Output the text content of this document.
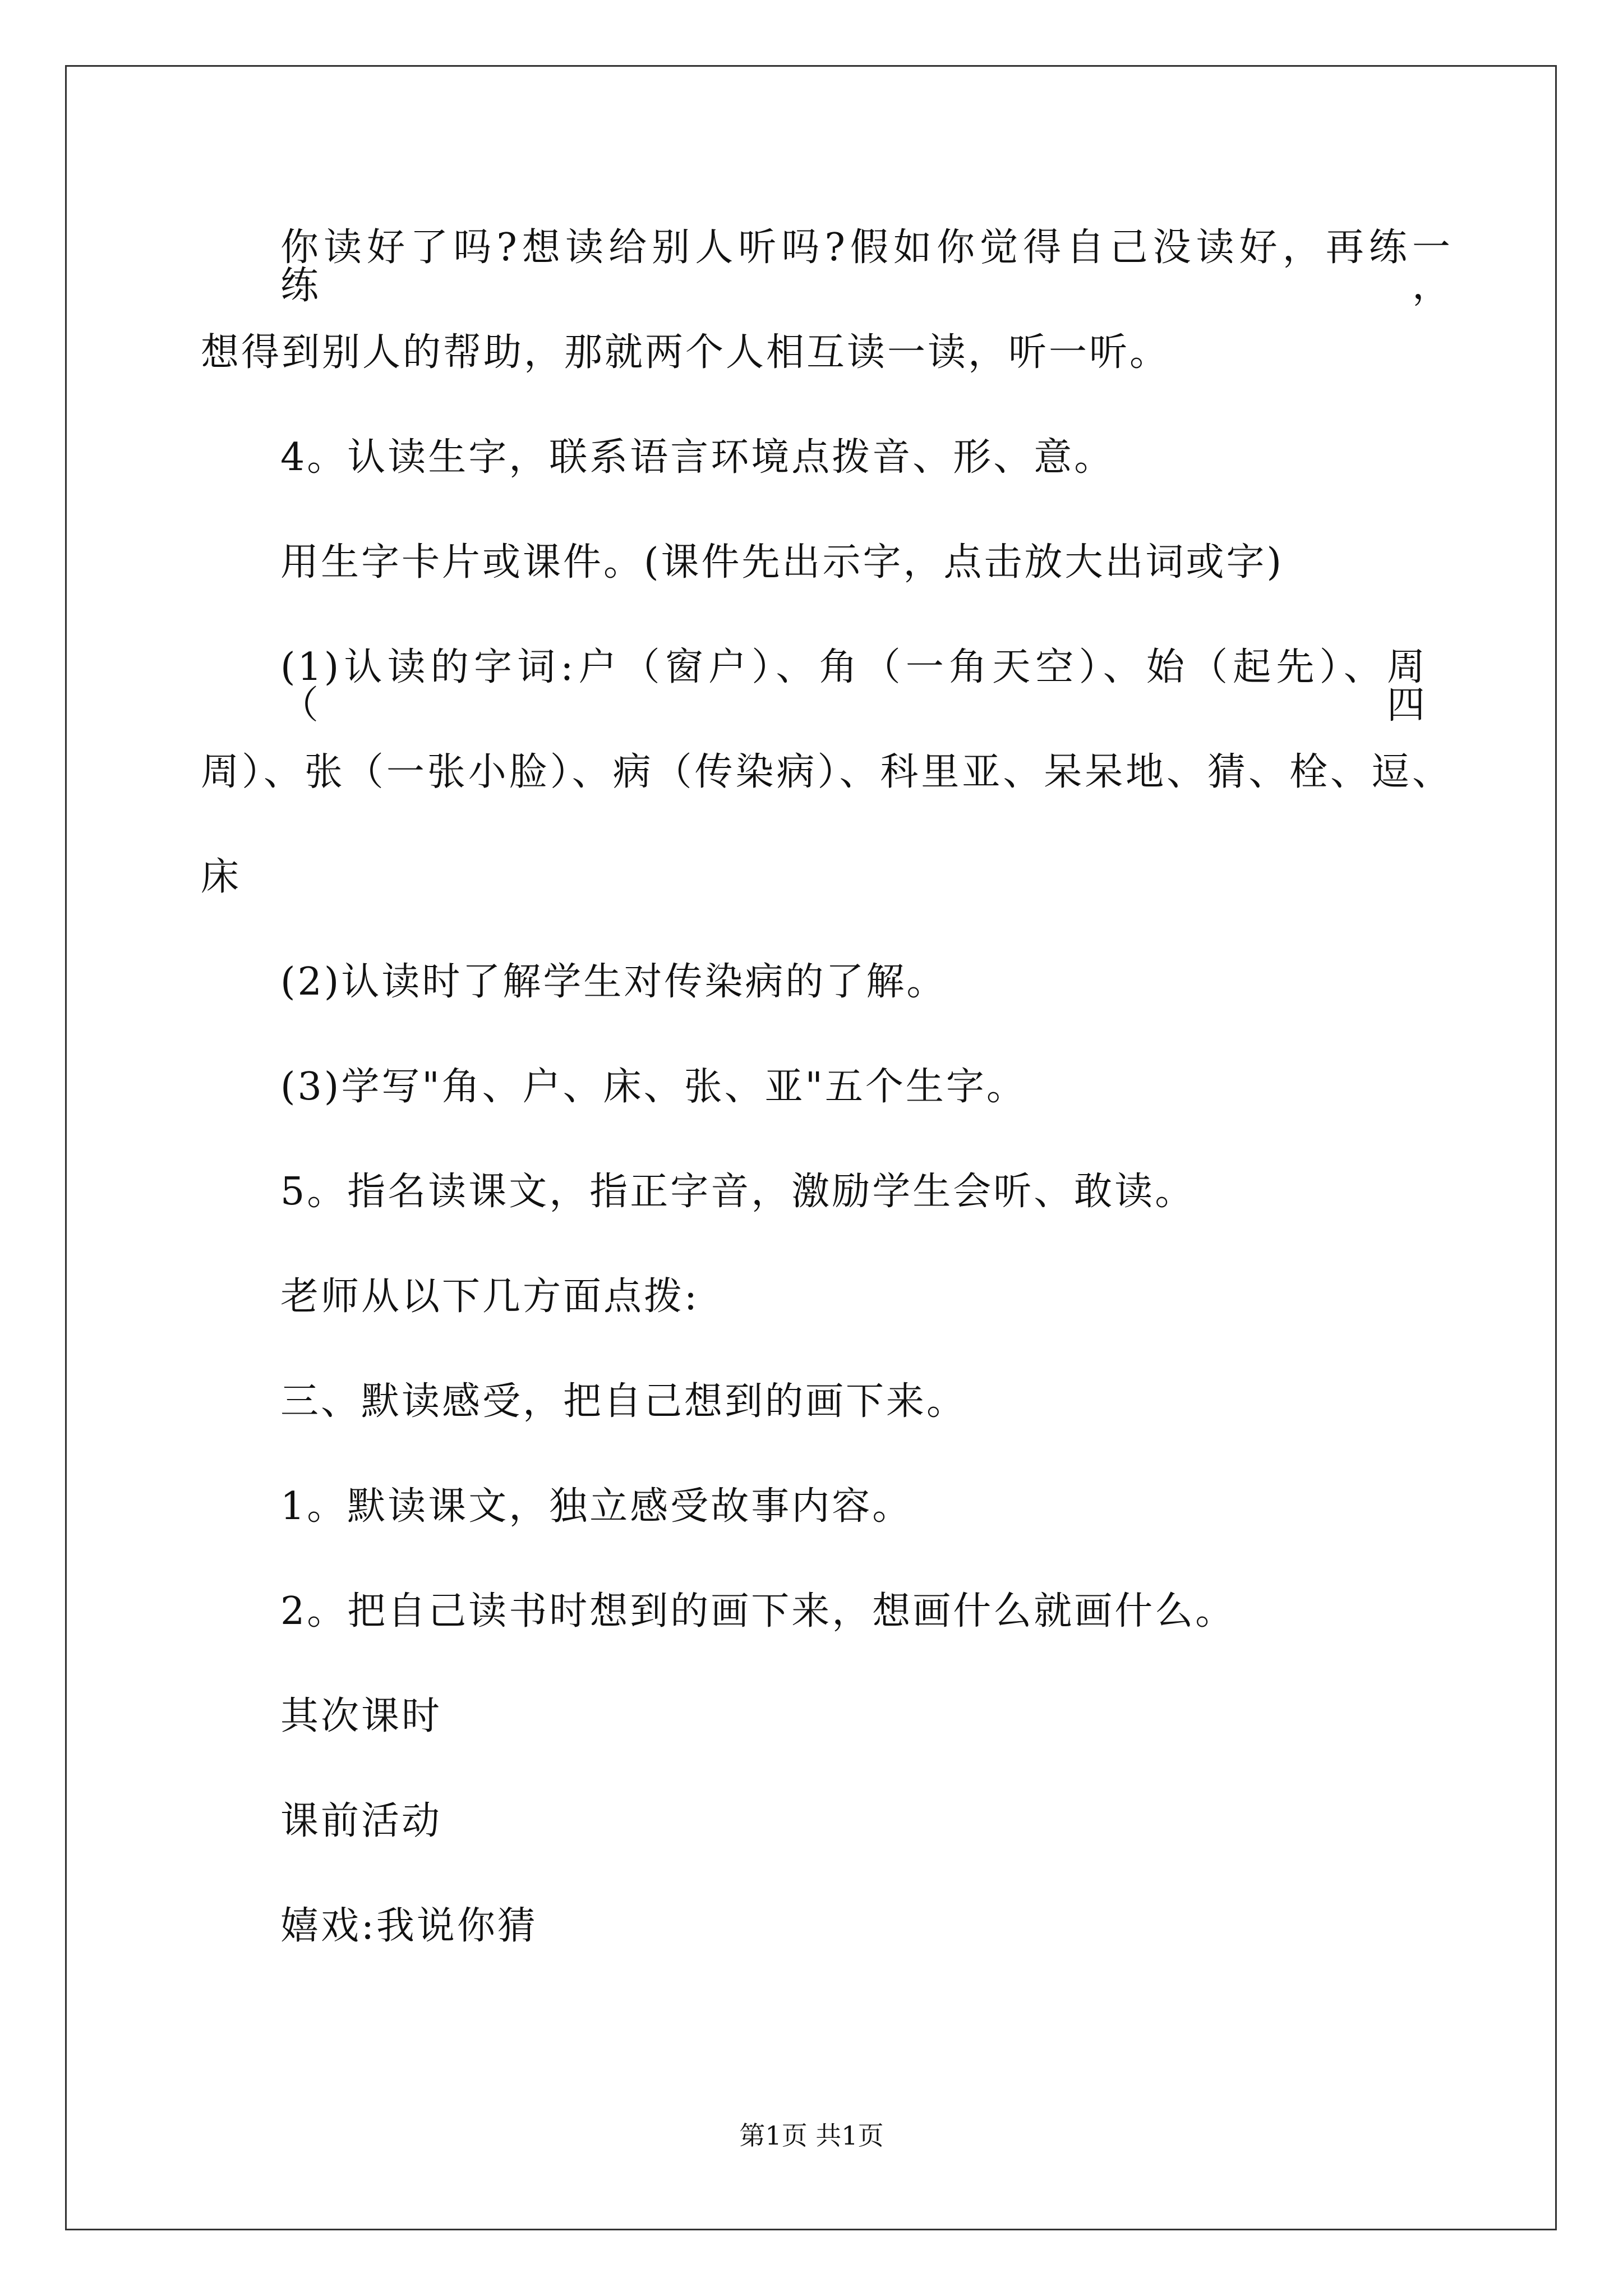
你读好了吗?想读给别人听吗?假如你觉得自己没读好，再练一练，
想得到别人的帮助，那就两个人相互读一读，听一听。
4。认读生字，联系语言环境点拨音、形、意。
用生字卡片或课件。(课件先出示字，点击放大出词或字)
(1)认读的字词:户（窗户）、角（一角天空）、始（起先）、周（四
周）、张（一张小脸）、病（传染病）、科里亚、呆呆地、猜、栓、逗、
床
(2)认读时了解学生对传染病的了解。
(3)学写"角、户、床、张、亚"五个生字。
5。指名读课文，指正字音，激励学生会听、敢读。
老师从以下几方面点拨:
三、默读感受，把自己想到的画下来。
1。默读课文，独立感受故事内容。
2。把自己读书时想到的画下来，想画什么就画什么。
其次课时
课前活动
嬉戏:我说你猜
第1页 共1页
